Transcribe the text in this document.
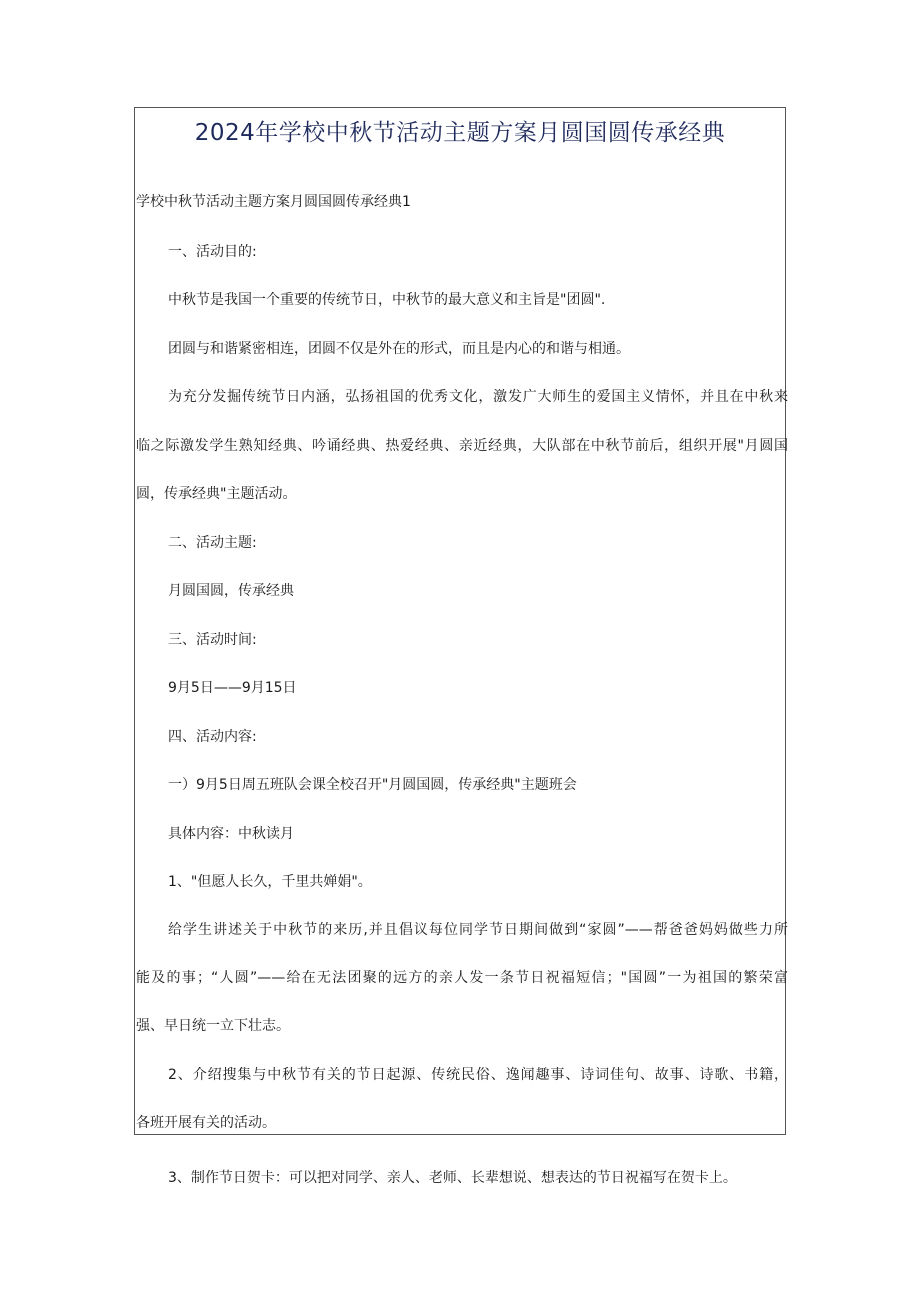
2024年学校中秋节活动主题方案月圆国圆传承经典

学校中秋节活动主题方案月圆国圆传承经典1

一、活动目的:

中秋节是我国一个重要的传统节日，中秋节的最大意义和主旨是"团圆".

团圆与和谐紧密相连，团圆不仅是外在的形式，而且是内心的和谐与相通。

为充分发掘传统节日内涵，弘扬祖国的优秀文化，激发广大师生的爱国主义情怀，并且在中秋来

临之际激发学生熟知经典、吟诵经典、热爱经典、亲近经典，大队部在中秋节前后，组织开展"月圆国

圆，传承经典"主题活动。

二、活动主题:

月圆国圆，传承经典

三、活动时间:

9月5日——9月15日

四、活动内容:

一）9月5日周五班队会课全校召开"月圆国圆，传承经典"主题班会

具体内容：中秋读月

1、"但愿人长久，千里共婵娟"。

给学生讲述关于中秋节的来历,并且倡议每位同学节日期间做到“家圆”——帮爸爸妈妈做些力所

能及的事；“人圆”——给在无法团聚的远方的亲人发一条节日祝福短信；"国圆”一为祖国的繁荣富

强、早日统一立下壮志。

2、介绍搜集与中秋节有关的节日起源、传统民俗、逸闻趣事、诗词佳句、故事、诗歌、书籍，

各班开展有关的活动。

3、制作节日贺卡：可以把对同学、亲人、老师、长辈想说、想表达的节日祝福写在贺卡上。
